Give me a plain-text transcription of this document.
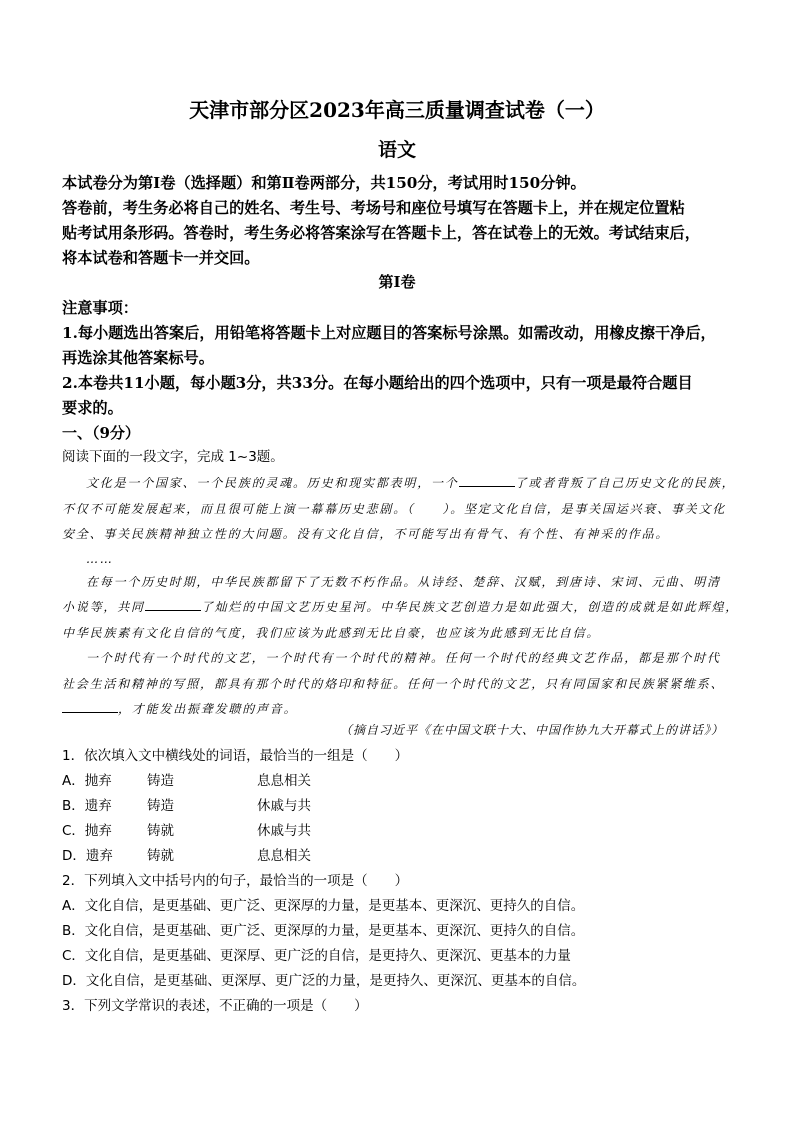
天津市部分区2023年高三质量调查试卷（一）
语文

本试卷分为第Ⅰ卷（选择题）和第Ⅱ卷两部分，共150分，考试用时150分钟。

答卷前，考生务必将自己的姓名、考生号、考场号和座位号填写在答题卡上，并在规定位置粘

贴考试用条形码。答卷时，考生务必将答案涂写在答题卡上，答在试卷上的无效。考试结束后，

将本试卷和答题卡一并交回。

第Ⅰ卷

注意事项：

1.每小题选出答案后，用铅笔将答题卡上对应题目的答案标号涂黑。如需改动，用橡皮擦干净后，

再选涂其他答案标号。

2.本卷共11小题，每小题3分，共33分。在每小题给出的四个选项中，只有一项是最符合题目

要求的。

一、（9分）
阅读下面的一段文字，完成 1~3题。

文化是一个国家、一个民族的灵魂。历史和现实都表明，一个	了或者背叛了自己历史文化的民族，

不仅不可能发展起来，而且很可能上演一幕幕历史悲剧。（　　）。坚定文化自信，是事关国运兴衰、事关文化

安全、事关民族精神独立性的大问题。没有文化自信，不可能写出有骨气、有个性、有神采的作品。

……

在每一个历史时期，中华民族都留下了无数不朽作品。从诗经、楚辞、汉赋，到唐诗、宋词、元曲、明清

小说等，共同	了灿烂的中国文艺历史星河。中华民族文艺创造力是如此强大，创造的成就是如此辉煌，

中华民族素有文化自信的气度，我们应该为此感到无比自豪，也应该为此感到无比自信。

一个时代有一个时代的文艺，一个时代有一个时代的精神。任何一个时代的经典文艺作品，都是那个时代

社会生活和精神的写照，都具有那个时代的烙印和特征。任何一个时代的文艺，只有同国家和民族紧紧维系、

，才能发出振聋发聩的声音。

（摘自习近平《在中国文联十大、中国作协九大开幕式上的讲话》）

1．依次填入文中横线处的词语，最恰当的一组是（　　）

A．抛弃	铸造	息息相关
B．遗弃	铸造	休戚与共
C．抛弃	铸就	休戚与共
D．遗弃	铸就	息息相关

2．下列填入文中括号内的句子，最恰当的一项是（　　）

A．文化自信，是更基础、更广泛、更深厚的力量，是更基本、更深沉、更持久的自信。

B．文化自信，是更基础、更广泛、更深厚的力量，是更基本、更深沉、更持久的自信。

C．文化自信，是更基础、更深厚、更广泛的自信，是更持久、更深沉、更基本的力量

D．文化自信，是更基础、更深厚、更广泛的力量，是更持久、更深沉、更基本的自信。

3．下列文学常识的表述，不正确的一项是（　　）
